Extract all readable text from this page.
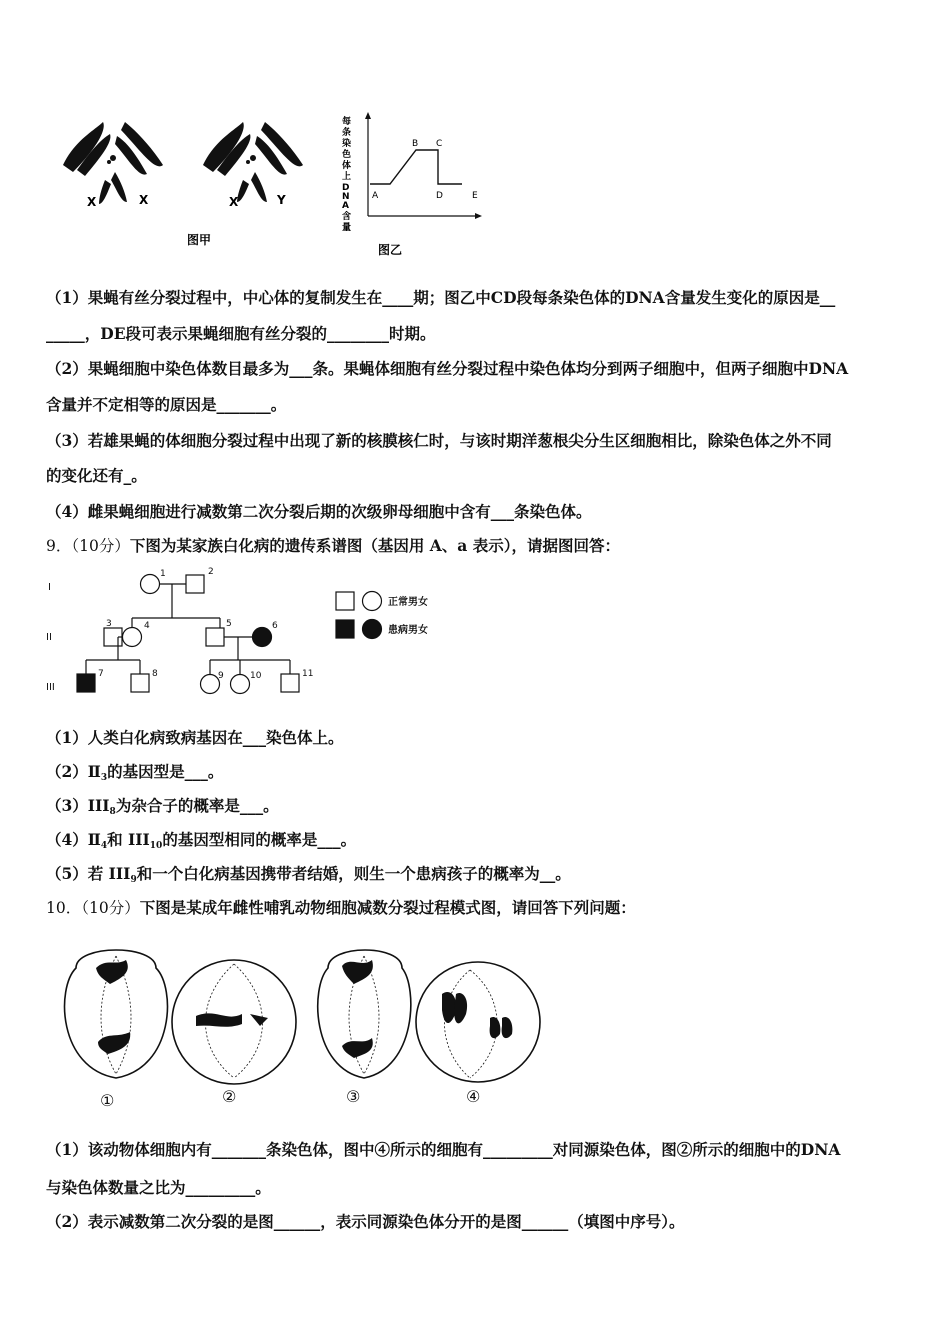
X	X	X	Y
图甲
每条染色体上 D N A 含量
A
B C
D	E
图乙
（1）果蝇有丝分裂过程中，中心体的复制发生在____期；图乙中CD段每条染色体的DNA含量发生变化的原因是__
_____，DE段可表示果蝇细胞有丝分裂的________时期。
（2）果蝇细胞中染色体数目最多为___条。果蝇体细胞有丝分裂过程中染色体均分到两子细胞中，但两子细胞中DNA
含量并不定相等的原因是_______。
（3）若雄果蝇的体细胞分裂过程中出现了新的核膜核仁时，与该时期洋葱根尖分生区细胞相比，除染色体之外不同
的变化还有_。
（4）雌果蝇细胞进行减数第二次分裂后期的次级卵母细胞中含有___条染色体。
9．（10分）下图为某家族白化病的遗传系谱图（基因用 A、a 表示），请据图回答：
I
II
III
1	2
3	4	5	6
7	8	9	10	11
正常男女
患病男女
（1）人类白化病致病基因在___染色体上。
$(2)Ⅱ_3$的基因型是___。
$(3)III_8$为杂合子的概率是___。
$(4)Ⅱ_4$和 $III_{10}$的基因型相同的概率是___。
（5）若 $III_9$和一个白化病基因携带者结婚，则生一个患病孩子的概率为__。
10．（10分）下图是某成年雌性哺乳动物细胞减数分裂过程模式图，请回答下列问题：
①	②	③	④
（1）该动物体细胞内有_______条染色体，图中④所示的细胞有_________对同源染色体，图②所示的细胞中的DNA
与染色体数量之比为_________。
（2）表示减数第二次分裂的是图______，表示同源染色体分开的是图______（填图中序号）。
